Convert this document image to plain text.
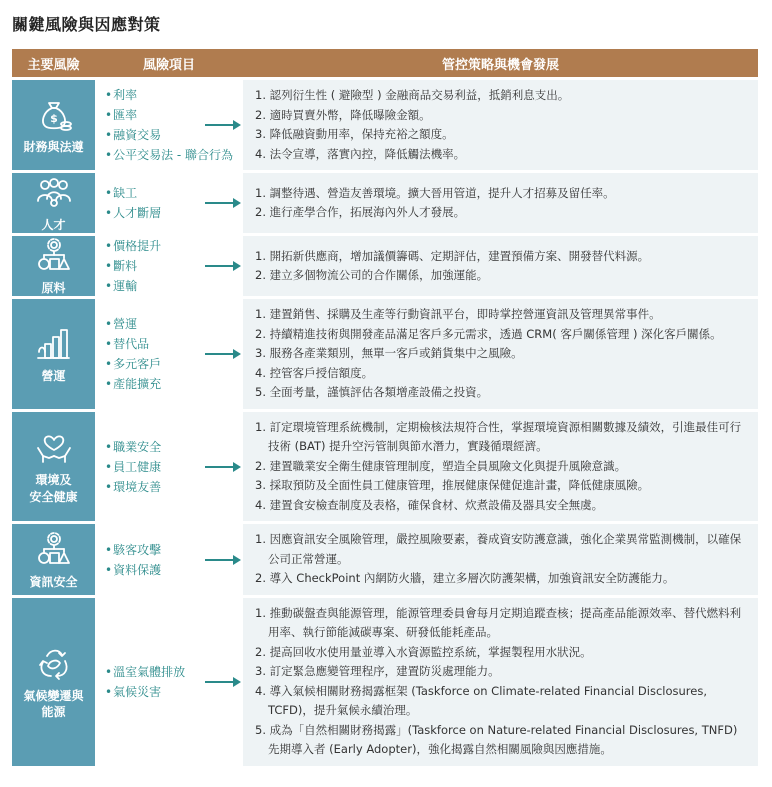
關鍵風險與因應對策
主要風險	風險項目	管控策略與機會發展
$
財務與法遵
• 利率
• 匯率
• 融資交易
• 公平交易法 - 聯合行為
1. 認列衍生性 ( 避險型 ) 金融商品交易利益，抵銷利息支出。
2. 適時買賣外幣，降低曝險金額。
3. 降低融資動用率，保持充裕之額度。
4. 法令宣導，落實內控，降低觸法機率。
人才
• 缺工
• 人才斷層
1. 調整待遇、營造友善環境。擴大晉用管道，提升人才招募及留任率。
2. 進行產學合作，拓展海內外人才發展。
原料
• 價格提升
• 斷料
• 運輸
1. 開拓新供應商，增加議價籌碼、定期評估，建置預備方案、開發替代料源。
2. 建立多個物流公司的合作關係，加強運能。
營運
• 營運
• 替代品
• 多元客戶
• 產能擴充
1. 建置銷售、採購及生產等行動資訊平台，即時掌控營運資訊及管理異常事件。
2. 持續精進技術與開發產品滿足客戶多元需求，透過 CRM( 客戶關係管理 ) 深化客戶關係。
3. 服務各產業類別，無單一客戶或銷貨集中之風險。
4. 控管客戶授信額度。
5. 全面考量，謹慎評估各類增產設備之投資。
環境及
安全健康
• 職業安全
• 員工健康
• 環境友善
1. 訂定環境管理系統機制，定期檢核法規符合性，掌握環境資源相關數據及績效，引進最佳可行技術 (BAT) 提升空污管制與節水潛力，實踐循環經濟。
2. 建置職業安全衛生健康管理制度，塑造全員風險文化與提升風險意識。
3. 採取預防及全面性員工健康管理，推展健康保健促進計畫，降低健康風險。
4. 建置食安檢查制度及表格，確保食材、炊煮設備及器具安全無虞。
資訊安全
• 駭客攻擊
• 資料保護
1. 因應資訊安全風險管理，嚴控風險要素，養成資安防護意識，強化企業異常監測機制，以確保公司正常營運。
2. 導入 CheckPoint 內網防火牆，建立多層次防護架構，加強資訊安全防護能力。
氣候變遷與
能源
• 溫室氣體排放
• 氣候災害
1. 推動碳盤查與能源管理，能源管理委員會每月定期追蹤查核；提高產品能源效率、替代燃料利用率、執行節能減碳專案、研發低能耗產品。
2. 提高回收水使用量並導入水資源監控系統，掌握製程用水狀況。
3. 訂定緊急應變管理程序，建置防災處理能力。
4. 導入氣候相關財務揭露框架 (Taskforce on Climate-related Financial Disclosures, TCFD)，提升氣候永續治理。
5. 成為「自然相關財務揭露」(Taskforce on Nature-related Financial Disclosures, TNFD) 先期導入者 (Early Adopter)，強化揭露自然相關風險與因應措施。
